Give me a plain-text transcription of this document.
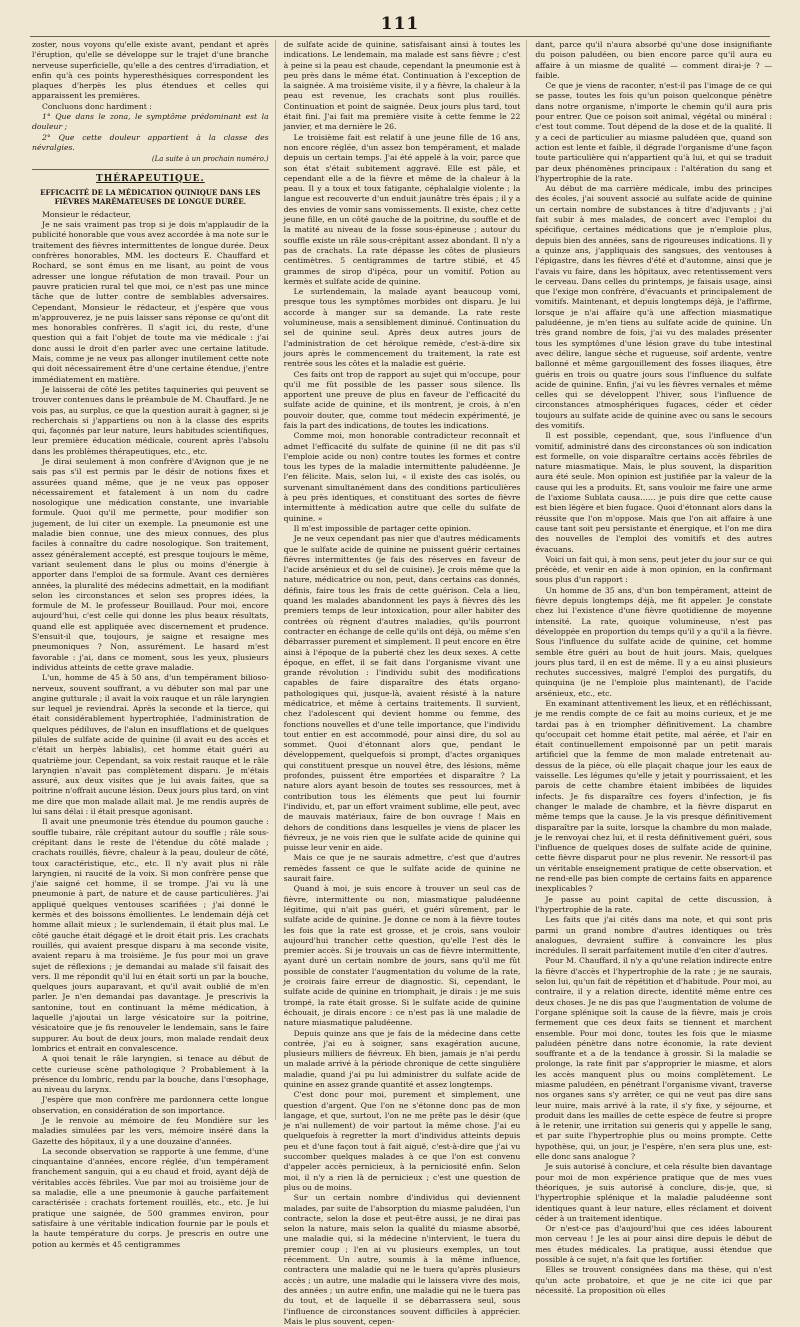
111

zoster, nous voyons qu'elle existe avant, pendant et après l'éruption, qu'elle se développe sur le trajet d'une branche nerveuse superficielle, qu'elle a des centres d'irradiation, et enfin qu'à ces points hyperesthésiques correspondent les plaques d'herpès les plus étendues et celles qui apparaissent les premières.

Concluons donc hardiment :

1° Que dans le zona, le symptôme prédominant est la douleur ;

2° Que cette douleur appartient à la classe des névralgies.

(La suite à un prochain numéro.)
THÉRAPEUTIQUE.
EFFICACITÉ DE LA MÉDICATION QUINIQUE DANS LES FIÈVRES MARÉMATEUSES DE LONGUE DURÉE.

Monsieur le rédacteur,

Je ne sais vraiment pas trop si je dois m'applaudir de la publicité honorable que vous avez accordée à ma note sur le traitement des fièvres intermittentes de longue durée. Deux confrères honorables, MM. les docteurs E. Chauffard et Rochard, se sont émus en me lisant, au point de vous adresser une longue réfutation de mon travail. Pour un pauvre praticien rural tel que moi, ce n'est pas une mince tâche que de lutter contre de semblables adversaires. Cependant, Monsieur le rédacteur, et j'espère que vous m'approuverez, je ne puis laisser sans réponse ce qu'ont dit mes honorables confrères. Il s'agit ici, du reste, d'une question qui a fait l'objet de toute ma vie médicale : j'ai donc aussi le droit d'en parler avec une certaine latitude. Mais, comme je ne veux pas allonger inutilement cette note qui doit nécessairement être d'une certaine étendue, j'entre immédiatement en matière.

Je laisserai de côté les petites taquineries qui peuvent se trouver contenues dans le préambule de M. Chauffard. Je ne vois pas, au surplus, ce que la question aurait à gagner, si je recherchais si j'appartiens ou non à la classe des esprits qui, façonnés par leur nature, leurs habitudes scientifiques, leur première éducation médicale, courent après l'absolu dans les problèmes thérapeutiques, etc., etc.

Je dirai seulement à mon confrère d'Avignon que je ne sais pas s'il est permis par le désir de notions fixes et assurées quand même, que je ne veux pas opposer nécessairement et fatalement à un nom du cadre nosologique une médication constante, une invariable formule. Quoi qu'il me permette, pour modifier son jugement, de lui citer un exemple. La pneumonie est une maladie bien connue, une des mieux connues, des plus faciles à connaître du cadre nosologique. Son traitement, assez généralement accepté, est presque toujours le même, variant seulement dans le plus ou moins d'énergie à apporter dans l'emploi de sa formule. Avant ces dernières années, la pluralité des médecins admettait, en la modifiant selon les circonstances et selon ses propres idées, la formule de M. le professeur Bouillaud. Pour moi, encore aujourd'hui, c'est celle qui donne les plus beaux résultats, quand elle est appliquée avec discernement et prudence. S'ensuit-il que, toujours, je saigne et resaigne mes pneumoniques ? Non, assurément. Le hasard m'est favorable : j'ai, dans ce moment, sous les yeux, plusieurs individus atteints de cette grave maladie.

L'un, homme de 45 à 50 ans, d'un tempérament bilioso-nerveux, souvent souffrant, a vu débuter son mal par une angine gutturale ; il avait la voix rauque et un râle laryngien sur lequel je reviendrai. Après la seconde et la tierce, qui était considérablement hypertrophiée, l'administration de quelques pédiluves, de l'alun en insufflations et de quelques pilules de sulfate acide de quinine (il avait eu des accès et c'était un herpès labialis), cet homme était guéri au quatrième jour. Cependant, sa voix restait rauque et le râle laryngien n'avait pas complètement disparu. Je m'étais assuré, aux deux visites que je lui avais faites, que sa poitrine n'offrait aucune lésion. Deux jours plus tard, on vint me dire que mon malade allait mal. Je me rendis auprès de lui sans délai : il était presque agonisant.

Il avait une pneumonie très étendue du poumon gauche : souffle tubaire, râle crépitant autour du souffle ; râle sous-crépitant dans le reste de l'étendue du côté malade ; crachats rouillés, fièvre, chaleur à la peau, douleur de côté, toux caractéristique, etc., etc. Il n'y avait plus ni râle laryngien, ni raucité de la voix. Si mon confrère pense que j'aie saigné cet homme, il se trompe. J'ai vu là une pneumonie à part, de nature et de cause particulières. J'ai appliqué quelques ventouses scarifiées ; j'ai donné le kermès et des boissons émollientes. Le lendemain déjà cet homme allait mieux ; le surlendemain, il était plus mal. Le côté gauche était dégagé et le droit était pris. Les crachats rouillés, qui avaient presque disparu à ma seconde visite, avaient reparu à ma troisième. Je fus pour moi un grave sujet de réflexions ; je demandai au malade s'il faisait des vers. Il me répondit qu'il lui en était sorti un par la bouche, quelques jours auparavant, et qu'il avait oublié de m'en parler. Je n'en demandai pas davantage. Je prescrivis la santonine, tout en continuant la même médication, à laquelle j'ajoutai un large vésicatoire sur la poitrine, vésicatoire que je fis renouveler le lendemain, sans le faire suppurer. Au bout de deux jours, mon malade rendait deux lombrics et entrait en convalescence.

A quoi tenait le râle laryngien, si tenace au début de cette curieuse scène pathologique ? Probablement à la présence du lombric, rendu par la bouche, dans l'œsophage, au niveau du larynx.

J'espère que mon confrère me pardonnera cette longue observation, en considération de son importance.

Je le renvoie au mémoire de feu Mondière sur les maladies simulées par les vers, mémoire inséré dans la Gazette des hôpitaux, il y a une douzaine d'années.

La seconde observation se rapporte à une femme, d'une cinquantaine d'années, encore réglée, d'un tempérament franchement sanguin, qui a eu chaud et froid, ayant déjà de véritables accès fébriles. Vue par moi au troisième jour de sa maladie, elle a une pneumonie à gauche parfaitement caractérisée : crachats fortement rouillés, etc., etc. Je lui pratique une saignée, de 500 grammes environ, pour satisfaire à une véritable indication fournie par le pouls et la haute température du corps. Je prescris en outre une potion au kermès et 45 centigrammes

de sulfate acide de quinine, satisfaisant ainsi à toutes les indications. Le lendemain, ma malade est sans fièvre ; c'est à peine si la peau est chaude, cependant la pneumonie est à peu près dans le même état. Continuation à l'exception de la saignée. A ma troisième visite, il y a fièvre, la chaleur à la peau est revenue, les crachats sont plus rouillés. Continuation et point de saignée. Deux jours plus tard, tout était fini. J'ai fait ma première visite à cette femme le 22 janvier, et ma dernière le 26.

Le troisième fait est relatif à une jeune fille de 16 ans, non encore réglée, d'un assez bon tempérament, et malade depuis un certain temps. J'ai été appelé à la voir, parce que son état s'était subitement aggravé. Elle est pâle, et cependant elle a de la fièvre et même de la chaleur à la peau. Il y a toux et toux fatigante, céphalalgie violente ; la langue est recouverte d'un enduit jaunâtre très épais ; il y a des envies de vomir sans vomissements. Il existe, chez cette jeune fille, en un côté gauche de la poitrine, du souffle et de la matité au niveau de la fosse sous-épineuse ; autour du souffle existe un râle sous-crépitant assez abondant. Il n'y a pas de crachats. La rate dépasse les côtes de plusieurs centimètres. 5 centigrammes de tartre stibié, et 45 grammes de sirop d'ipéca, pour un vomitif. Potion au kermès et sulfate acide de quinine.

Le surlendemain, la malade ayant beaucoup vomi, presque tous les symptômes morbides ont disparu. Je lui accorde à manger sur sa demande. La rate reste volumineuse, mais a sensiblement diminué. Continuation du sel de quinine seul. Après deux autres jours de l'administration de cet héroïque remède, c'est-à-dire six jours après le commencement du traitement, la rate est rentrée sous les côtes et la maladie est guérie.

Ces faits ont trop de rapport au sujet qui m'occupe, pour qu'il me fût possible de les passer sous silence. Ils apportent une preuve de plus en faveur de l'efficacité du sulfate acide de quinine, et ils montrent, je crois, à n'en pouvoir douter, que, comme tout médecin expérimenté, je fais la part des indications, de toutes les indications.

Comme moi, mon honorable contradicteur reconnaît et admet l'efficacité du sulfate de quinine (il ne dit pas s'il l'emploie acide ou non) contre toutes les formes et contre tous les types de la maladie intermittente paludéenne. Je l'en félicite. Mais, selon lui, « il existe des cas isolés, ou survenant simultanément dans des conditions particulières à peu près identiques, et constituant des sortes de fièvre intermittente à médication autre que celle du sulfate de quinine. »

Il m'est impossible de partager cette opinion.

Je ne veux cependant pas nier que d'autres médicaments que le sulfate acide de quinine ne puissent guérir certaines fièvres intermittentes (je fais des réserves en faveur de l'acide arsénieux et du sel de cuisine). Je crois même que la nature, médicatrice ou non, peut, dans certains cas donnés, définis, faire tous les frais de cette guérison. Cela a lieu, quand les malades abandonnent les pays à fièvres dès les premiers temps de leur intoxication, pour aller habiter des contrées où règnent d'autres maladies, qu'ils pourront contracter en échange de celle qu'ils ont déjà, ou même s'en débarrasser purement et simplement. Il peut encore en être ainsi à l'époque de la puberté chez les deux sexes. A cette époque, en effet, il se fait dans l'organisme vivant une grande révolution : l'individu subit des modifications capables de faire disparaître des états organo-pathologiques qui, jusque-là, avaient résisté à la nature médicatrice, et même à certains traitements. Il survient, chez l'adolescent qui devient homme ou femme, des fonctions nouvelles et d'une telle importance, que l'individu tout entier en est accommodé, pour ainsi dire, du sol au sommet. Quoi d'étonnant alors que, pendant le développement, quelquefois si prompt, d'actes organiques qui constituent presque un nouvel être, des lésions, même profondes, puissent être emportées et disparaître ? La nature alors ayant besoin de toutes ses ressources, met à contribution tous les éléments que peut lui fournir l'individu, et, par un effort vraiment sublime, elle peut, avec de mauvais matériaux, faire de bon ouvrage ! Mais en dehors de conditions dans lesquelles je viens de placer les fiévreux, je ne vois rien que le sulfate acide de quinine qui puisse leur venir en aide.

Mais ce que je ne saurais admettre, c'est que d'autres remèdes fassent ce que le sulfate acide de quinine ne saurait faire.

Quand à moi, je suis encore à trouver un seul cas de fièvre, intermittente ou non, miasmatique paludéenne légitime, qui n'ait pas guéri, et guéri sûrement, par le sulfate acide de quinine. Je donne ce nom à la fièvre toutes les fois que la rate est grosse, et je crois, sans vouloir aujourd'hui trancher cette question, qu'elle l'est dès le premier accès. Si je trouvais un cas de fièvre intermittente, ayant duré un certain nombre de jours, sans qu'il me fût possible de constater l'augmentation du volume de la rate, je croirais faire erreur de diagnostic. Si, cependant, le sulfate acide de quinine en triomphait, je dirais : je me suis trompé, la rate était grosse. Si le sulfate acide de quinine échouait, je dirais encore : ce n'est pas là une maladie de nature miasmatique paludéenne.

Depuis quinze ans que je fais de la médecine dans cette contrée, j'ai eu à soigner, sans exagération aucune, plusieurs milliers de fiévreux. Eh bien, jamais je n'ai perdu un malade arrivé à la période chronique de cette singulière maladie, quand j'ai pu lui administrer du sulfate acide de quinine en assez grande quantité et assez longtemps.

C'est donc pour moi, purement et simplement, une question d'argent. Que l'on ne s'étonne donc pas de mon langage, et que, surtout, l'on ne me prête pas le désir (que je n'ai nullement) de voir partout la même chose. J'ai eu quelquefois à regretter la mort d'individus atteints depuis peu et d'une façon tout à fait aiguë, c'est-à-dire que j'ai vu succomber quelques malades à ce que l'on est convenu d'appeler accès pernicieux, à la perniciosité enfin. Selon moi, il n'y a rien là de pernicieux ; c'est une question de plus ou de moins.

Sur un certain nombre d'individus qui deviennent malades, par suite de l'absorption du miasme paludéen, l'un contracte, selon la dose et peut-être aussi, je ne dirai pas selon la nature, mais selon la qualité du miasme absorbé, une maladie qui, si la médecine n'intervient, le tuera du premier coup ; l'en ai vu plusieurs exemples, un tout récemment. Un autre, soumis à la même influence, contractera une maladie qui ne le tuera qu'après plusieurs accès ; un autre, une maladie qui le laissera vivre des mois, des années ; un autre enfin, une maladie qui ne le tuera pas du tout, et de laquelle il se débarrassera seul, sous l'influence de circonstances souvent difficiles à apprécier. Mais le plus souvent, cepen-

dant, parce qu'il n'aura absorbé qu'une dose insignifiante du poison paludéen, ou bien encore parce qu'il aura eu affaire à un miasme de qualité — comment dirai-je ? — faible.

Ce que je viens de raconter, n'est-il pas l'image de ce qui se passe, toutes les fois qu'un poison quelconque pénètre dans notre organisme, n'importe le chemin qu'il aura pris pour entrer. Que ce poison soit animal, végétal ou minéral : c'est tout comme. Tout dépend de la dose et de la qualité. Il y a ceci de particulier au miasme paludéen que, quand son action est lente et faible, il dégrade l'organisme d'une façon toute particulière qui n'appartient qu'à lui, et qui se traduit par deux phénomènes principaux : l'altération du sang et l'hypertrophie de la rate.

Au début de ma carrière médicale, imbu des principes des écoles, j'ai souvent associé au sulfate acide de quinine un certain nombre de substances à titre d'adjuvants ; j'ai fait subir à mes malades, de concert avec l'emploi du spécifique, certaines médications que je n'emploie plus, depuis bien des années, sans de rigoureuses indications. Il y a quinze ans, j'appliquais des sangsues, des ventouses à l'épigastre, dans les fièvres d'été et d'automne, ainsi que je l'avais vu faire, dans les hôpitaux, avec retentissement vers le cerveau. Dans celles du printemps, je faisais usage, ainsi que l'exige mon confrère, d'évacuants et principalement de vomitifs. Maintenant, et depuis longtemps déjà, je l'affirme, lorsque je n'ai affaire qu'à une affection miasmatique paludéenne, je m'en tiens au sulfate acide de quinine. Un très grand nombre de fois, j'ai vu des malades présenter tous les symptômes d'une lésion grave du tube intestinal avec délire, langue sèche et rugueuse, soif ardente, ventre ballonné et même gargouillement des fosses iliaques, être guéris en trois ou quatre jours sous l'influence du sulfate acide de quinine. Enfin, j'ai vu les fièvres vernales et même celles qui se développent l'hiver, sous l'influence de circonstances atmosphériques fugaces, céder et céder toujours au sulfate acide de quinine avec ou sans le secours des vomitifs.

Il est possible, cependant, que, sous l'influence d'un vomitif, administré dans des circonstances où son indication est formelle, on voie disparaître certains accès fébriles de nature miasmatique. Mais, le plus souvent, la disparition aura été seule. Mon opinion est justifiée par la valeur de la cause qui les a produits. Et, sans vouloir me faire une arme de l'axiome Sublata causa…… je puis dire que cette cause est bien légère et bien fugace. Quoi d'étonnant alors dans la réussite que l'on m'oppose. Mais que l'on ait affaire à une cause tant soit peu persistante et énergique, et l'on me dira des nouvelles de l'emploi des vomitifs et des autres évacuans.

Voici un fait qui, à mon sens, peut jeter du jour sur ce qui précède, et venir en aide à mon opinion, en la confirmant sous plus d'un rapport :

Un homme de 35 ans, d'un bon tempérament, atteint de fièvre depuis longtemps déjà, me fit appeler. Je constate chez lui l'existence d'une fièvre quotidienne de moyenne intensité. La rate, quoique volumineuse, n'est pas développée en proportion du temps qu'il y a qu'il a la fièvre. Sous l'influence du sulfate acide de quinine, cet homme semble être guéri au bout de huit jours. Mais, quelques jours plus tard, il en est de même. Il y a eu ainsi plusieurs rechutes successives, malgré l'emploi des purgatifs, du quinquina (je ne l'emploie plus maintenant), de l'acide arsénieux, etc., etc.

En examinant attentivement les lieux, et en réfléchissant, je me rendis compte de ce fait au moins curieux, et je me tardai pas à en triompher définitivement. La chambre qu'occupait cet homme était petite, mal aérée, et l'air en était continuellement empoisonné par un petit marais artificiel que la femme de mon malade entretenait au-dessus de la pièce, où elle plaçait chaque jour les eaux de vaisselle. Les légumes qu'elle y jetait y pourrissaient, et les parois de cette chambre étaient imbibées de liquides infects. Je fis disparaître ces foyers d'infection, je fis changer le malade de chambre, et la fièvre disparut en même temps que la cause. Je la vis presque définitivement disparaître par la suite, lorsque la chambre du mon malade, je le renvoyai chez lui, et il resta définitivement guéri, sous l'influence de quelques doses de sulfate acide de quinine, cette fièvre disparut pour ne plus revenir. Ne ressort-il pas un véritable enseignement pratique de cette observation, et ne rend-elle pas bien compte de certains faits en apparence inexplicables ?

Je passe au point capital de cette discussion, à l'hypertrophie de la rate.

Les faits que j'ai cités dans ma note, et qui sont pris parmi un grand nombre d'autres identiques ou très analogues, devraient suffire à convaincre les plus incrédules. Il serait parfaitement inutile d'en citer d'autres.

Pour M. Chauffard, il n'y a qu'une relation indirecte entre la fièvre d'accès et l'hypertrophie de la rate ; je ne saurais, selon lui, qu'un fait de répétition et d'habitude. Pour moi, au contraire, il y a relation directe, identité même entre ces deux choses. Je ne dis pas que l'augmentation de volume de l'organe splénique soit la cause de la fièvre, mais je crois fermement que ces deux faits se tiennent et marchent ensemble. Pour moi donc, toutes les fois que le miasme paludéen pénètre dans notre économie, la rate devient souffrante et a de la tendance à grossir. Si la maladie se prolonge, la rate finit par s'approprier le miasme, et alors les accès manquent plus ou moins complètement. Le miasme paludéen, en pénétrant l'organisme vivant, traverse nos organes sans s'y arrêter, ce qui ne veut pas dire sans leur nuire, mais arrivé à la rate, il s'y fixe, y séjourne, et produit dans les mailles de cette espèce de feutre si propre à le retenir, une irritation sui generis qui y appelle le sang, et par suite l'hypertrophie plus ou moins prompte. Cette hypothèse, qui, un jour, je l'espère, n'en sera plus une, est-elle donc sans analogue ?

Je suis autorisé à conclure, et cela résulte bien davantage pour moi de mon expérience pratique que de mes vues théoriques, je suis autorisé à conclure, dis-je, que, si l'hypertrophie splénique et la maladie paludéenne sont identiques quant à leur nature, elles réclament et doivent céder à un traitement identique.

Or n'est-ce pas d'aujourd'hui que ces idées labourent mon cerveau ! Je les ai pour ainsi dire depuis le début de mes études médicales. La pratique, aussi étendue que possible à ce sujet, n'a fait que les fortifier.

Elles se trouvent consignées dans ma thèse, qui n'est qu'un acte probatoire, et que je ne cite ici que par nécessité. La proposition où elles
